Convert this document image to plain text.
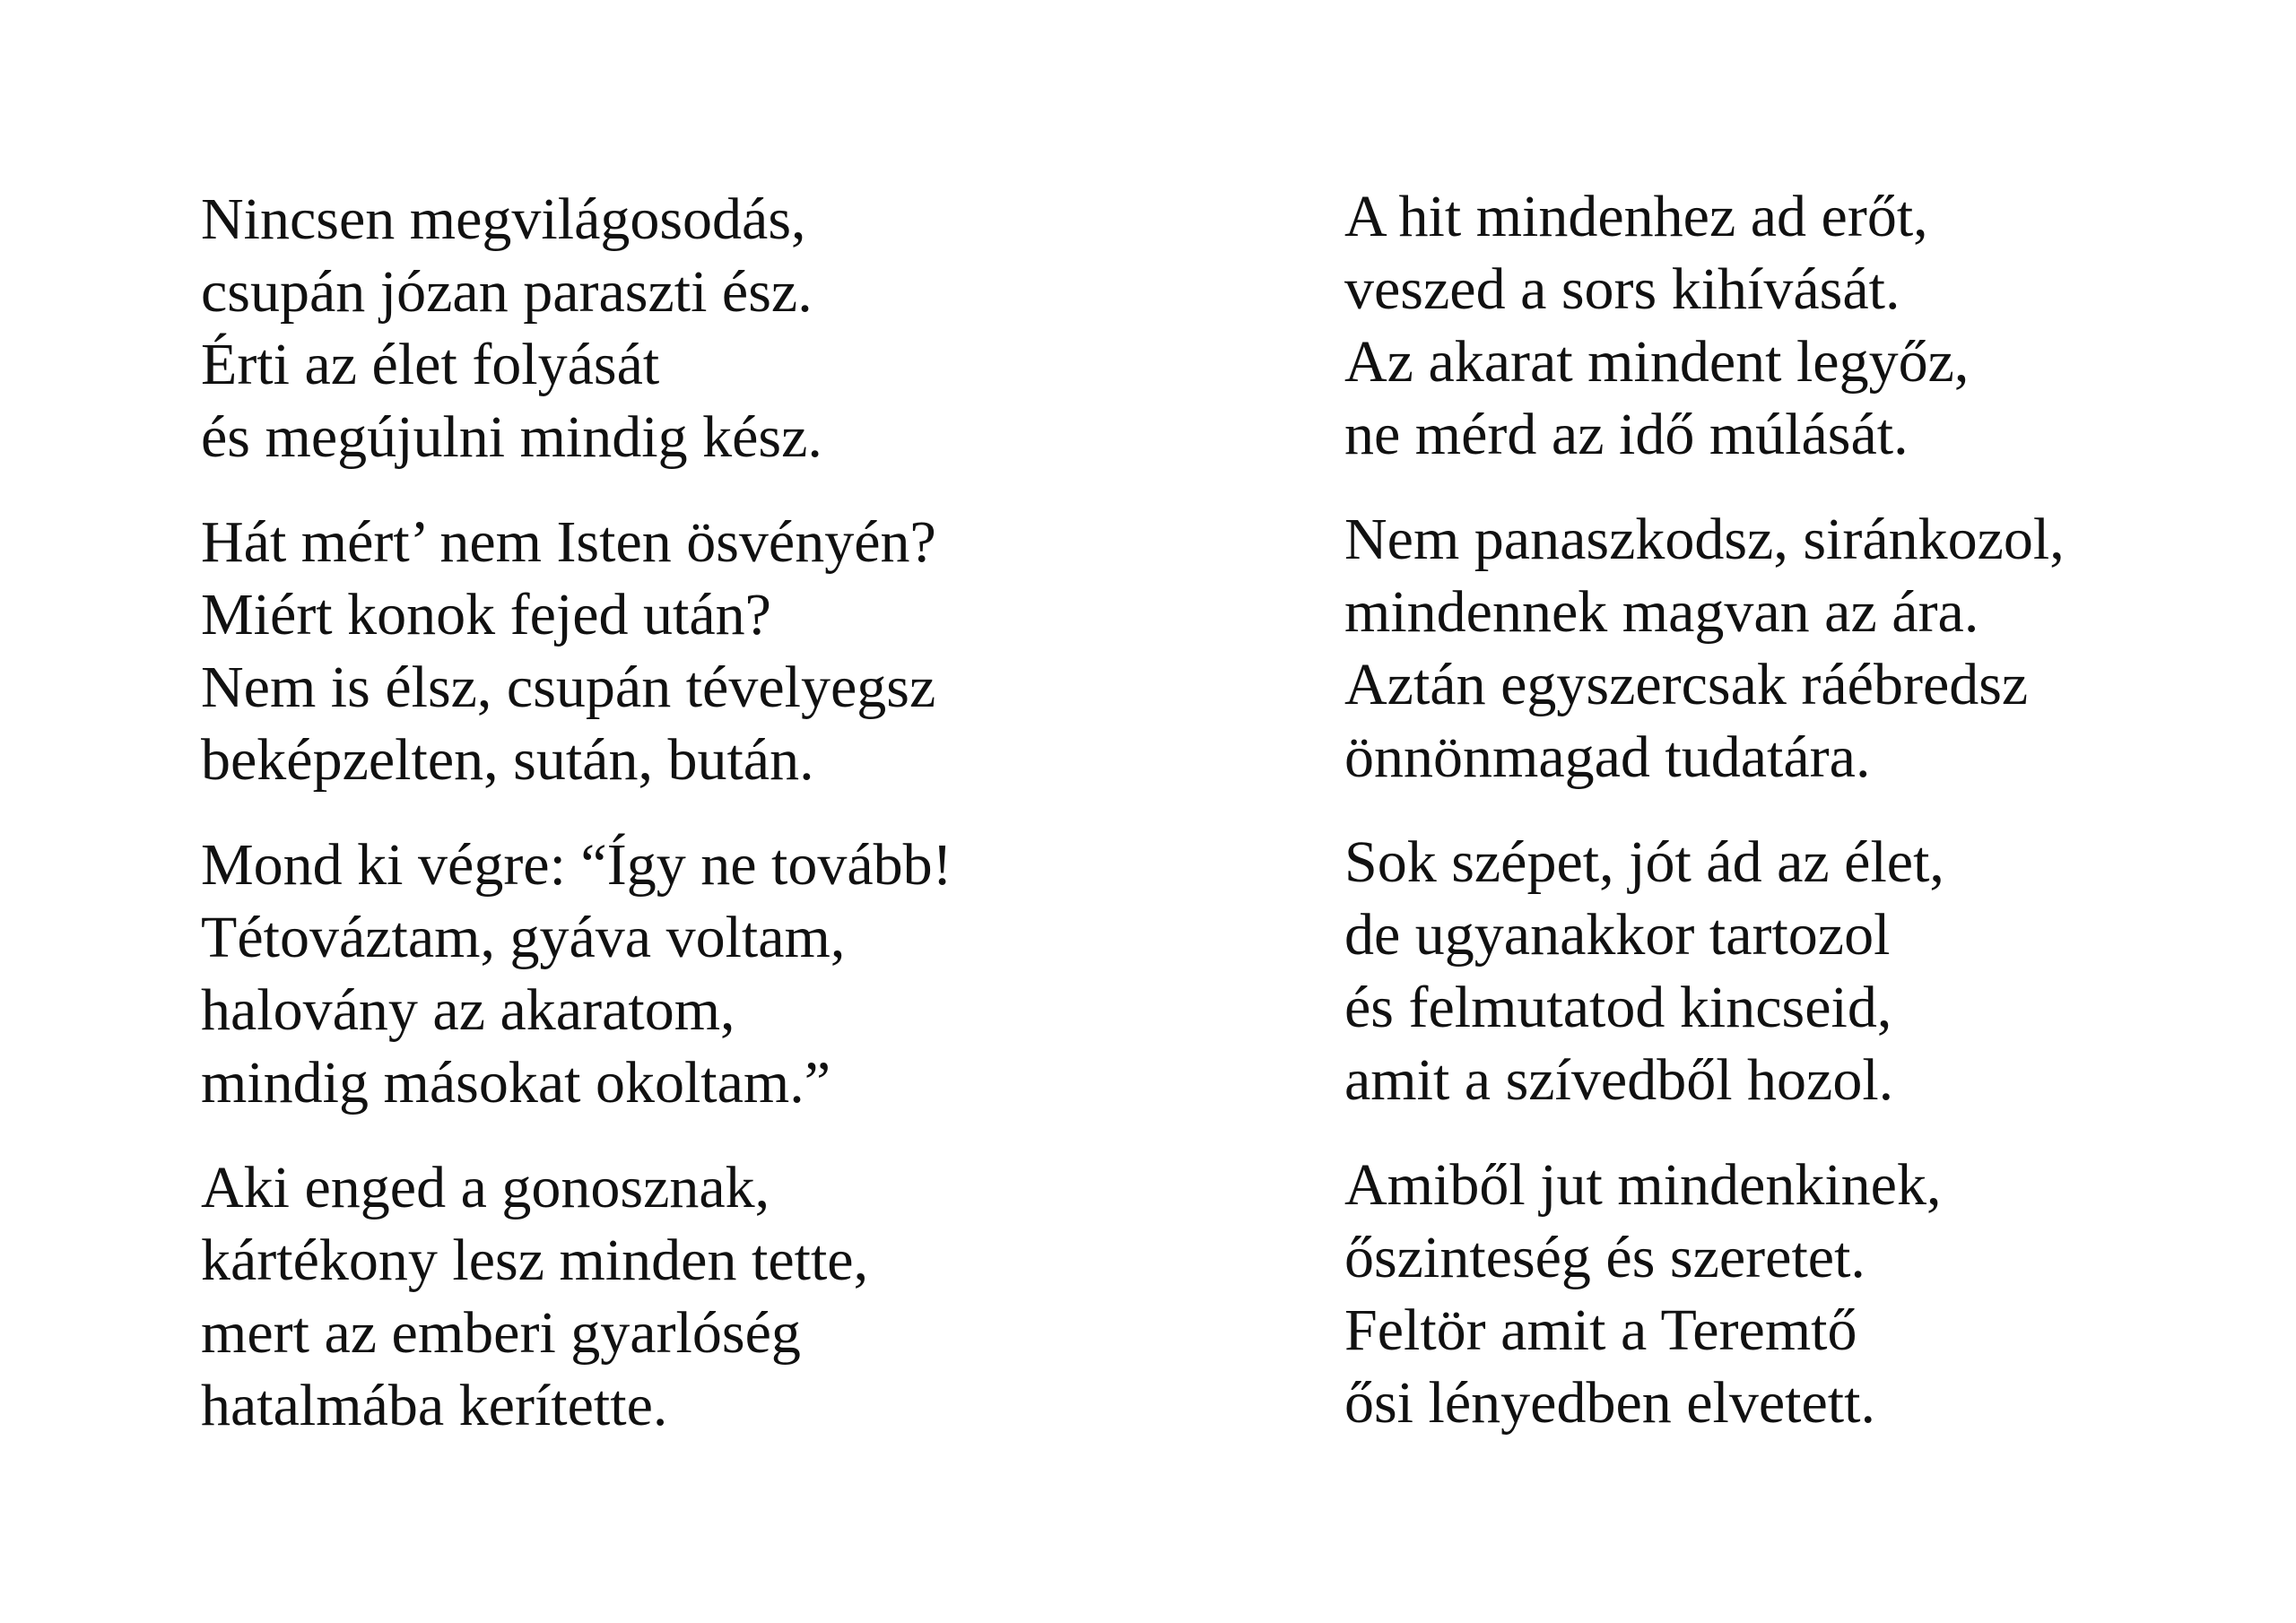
Nincsen megvilágosodás,
csupán józan paraszti ész.
Érti az élet folyását
és megújulni mindig kész.
Hát mért’ nem Isten ösvényén?
Miért konok fejed után?
Nem is élsz, csupán tévelyegsz
beképzelten, sután, bután.
Mond ki végre: “Így ne tovább!
Tétováztam, gyáva voltam,
halovány az akaratom,
mindig másokat okoltam.”
Aki enged a gonosznak,
kártékony lesz minden tette,
mert az emberi gyarlóség
hatalmába kerítette.
A hit mindenhez ad erőt,
veszed a sors kihívását.
Az akarat mindent legyőz,
ne mérd az idő múlását.
Nem panaszkodsz, siránkozol,
mindennek magvan az ára.
Aztán egyszercsak ráébredsz
önnönmagad tudatára.
Sok szépet, jót ád az élet,
de ugyanakkor tartozol
és felmutatod kincseid,
amit a szívedből hozol.
Amiből jut mindenkinek,
őszinteség és szeretet.
Feltör amit a Teremtő
ősi lényedben elvetett.
